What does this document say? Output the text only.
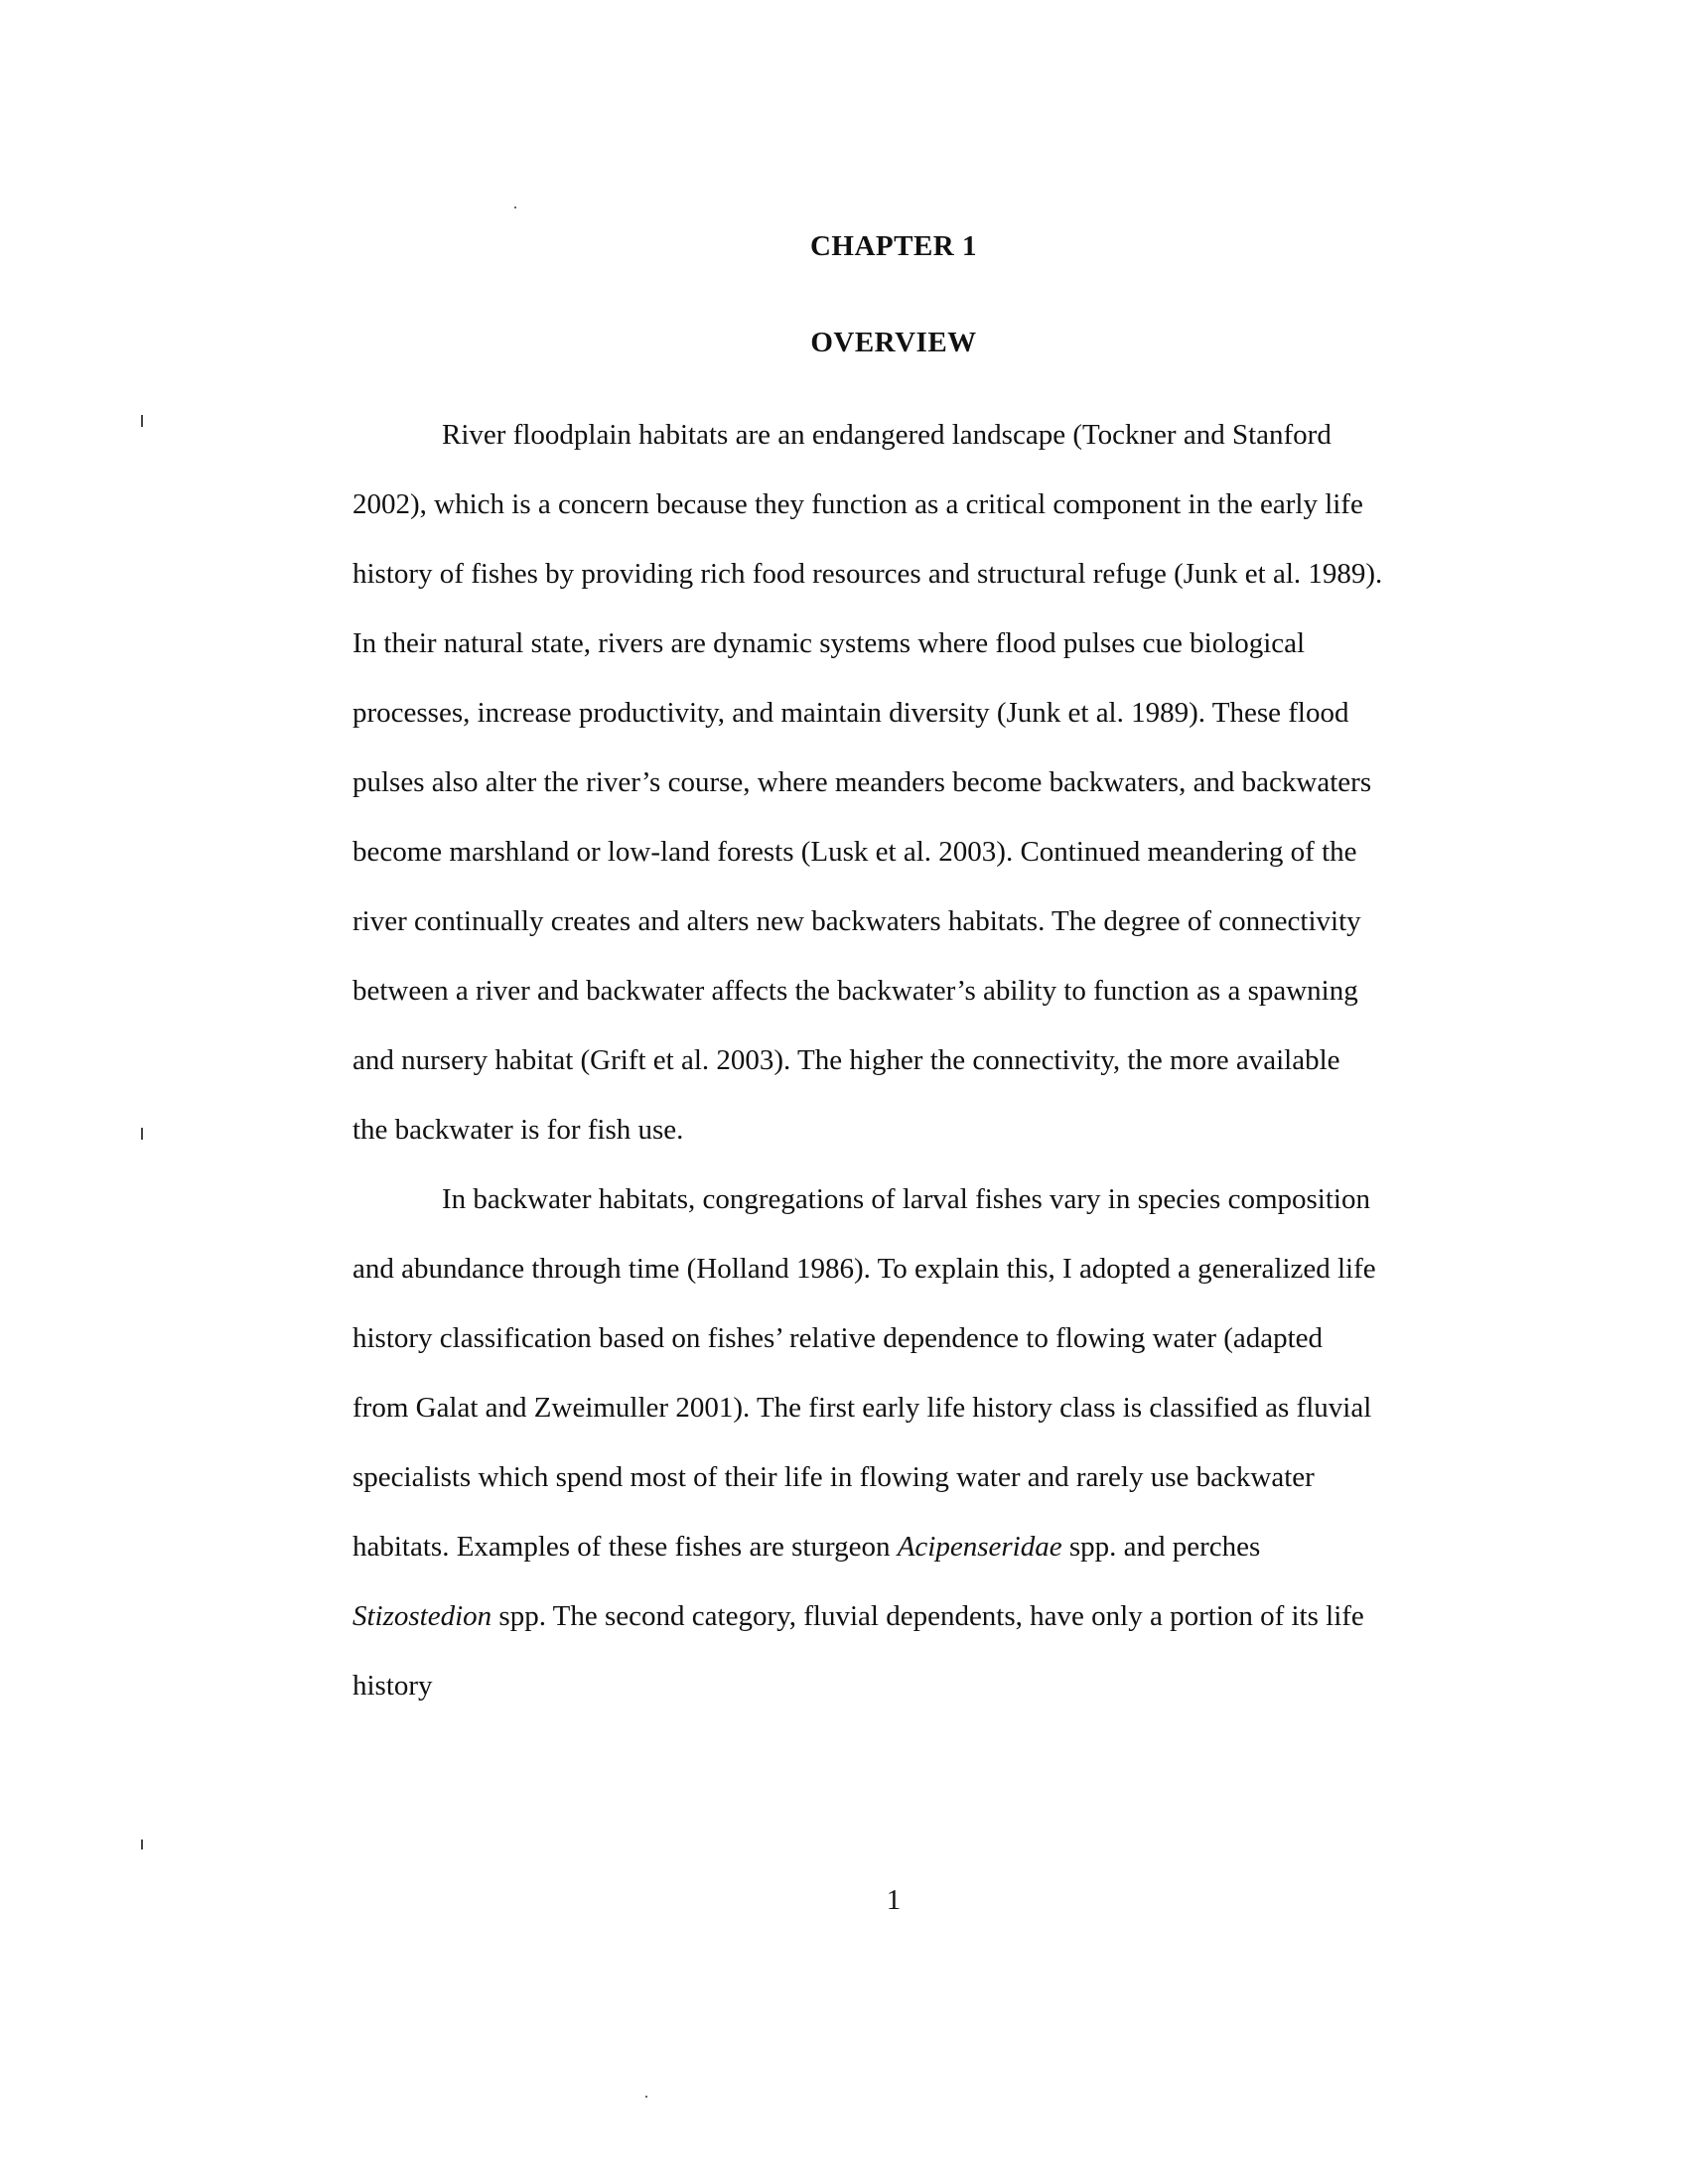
CHAPTER 1
OVERVIEW
River floodplain habitats are an endangered landscape (Tockner and Stanford
2002), which is a concern because they function as a critical component in the early life
history of fishes by providing rich food resources and structural refuge (Junk et al. 1989).
In their natural state, rivers are dynamic systems where flood pulses cue biological
processes, increase productivity, and maintain diversity (Junk et al. 1989). These flood
pulses also alter the river’s course, where meanders become backwaters, and backwaters
become marshland or low-land forests (Lusk et al. 2003). Continued meandering of the
river continually creates and alters new backwaters habitats. The degree of connectivity
between a river and backwater affects the backwater’s ability to function as a spawning
and nursery habitat (Grift et al. 2003). The higher the connectivity, the more available
the backwater is for fish use.
In backwater habitats, congregations of larval fishes vary in species composition
and abundance through time (Holland 1986). To explain this, I adopted a generalized life
history classification based on fishes’ relative dependence to flowing water (adapted
from Galat and Zweimuller 2001). The first early life history class is classified as fluvial
specialists which spend most of their life in flowing water and rarely use backwater
habitats. Examples of these fishes are sturgeon Acipenseridae spp. and perches
Stizostedion spp. The second category, fluvial dependents, have only a portion of its life
history
1
